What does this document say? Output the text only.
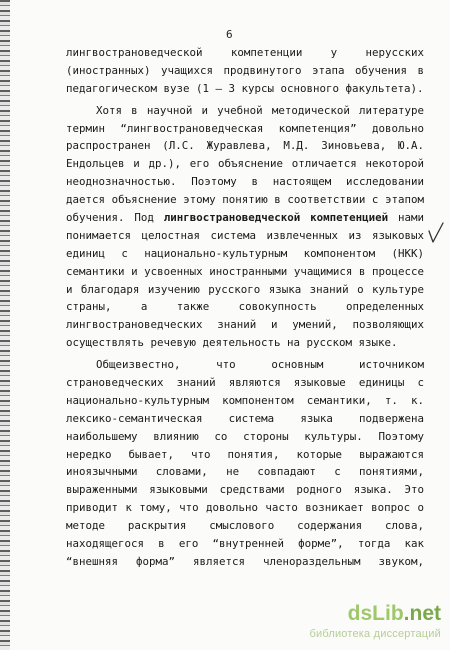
6
лингвострановедческой компетенции у нерусских
(иностранных) учащихся продвинутого этапа обучения в
педагогическом вузе (1 – 3 курсы основного факультета).
Хотя в научной и учебной методической литературе
термин “лингвострановедческая компетенция” довольно
распространен (Л.С. Журавлева, М.Д. Зиновьева, Ю.А.
Ендольцев и др.), его объяснение отличается некоторой
неоднозначностью. Поэтому в настоящем исследовании
дается объяснение этому понятию в соответствии с этапом
обучения. Под лингвострановедческой компетенцией нами
понимается целостная система извлеченных из языковых
единиц с национально-культурным компонентом (НКК)
семантики и усвоенных иностранными учащимися в процессе
и благодаря изучению русского языка знаний о культуре
страны, а также совокупность определенных
лингвострановедческих знаний и умений, позволяющих
осуществлять речевую деятельность на русском языке.
Общеизвестно, что основным источником
страноведческих знаний являются языковые единицы с
национально-культурным компонентом семантики, т. к.
лексико-семантическая система языка подвержена
наибольшему влиянию со стороны культуры. Поэтому
нередко бывает, что понятия, которые выражаются
иноязычными словами, не совпадают с понятиями,
выраженными языковыми средствами родного языка. Это
приводит к тому, что довольно часто возникает вопрос о
методе раскрытия смыслового содержания слова,
находящегося в его “внутренней форме”, тогда как
“внешняя форма” является членораздельным звуком,
dsLib.net
библиотека диссертаций
